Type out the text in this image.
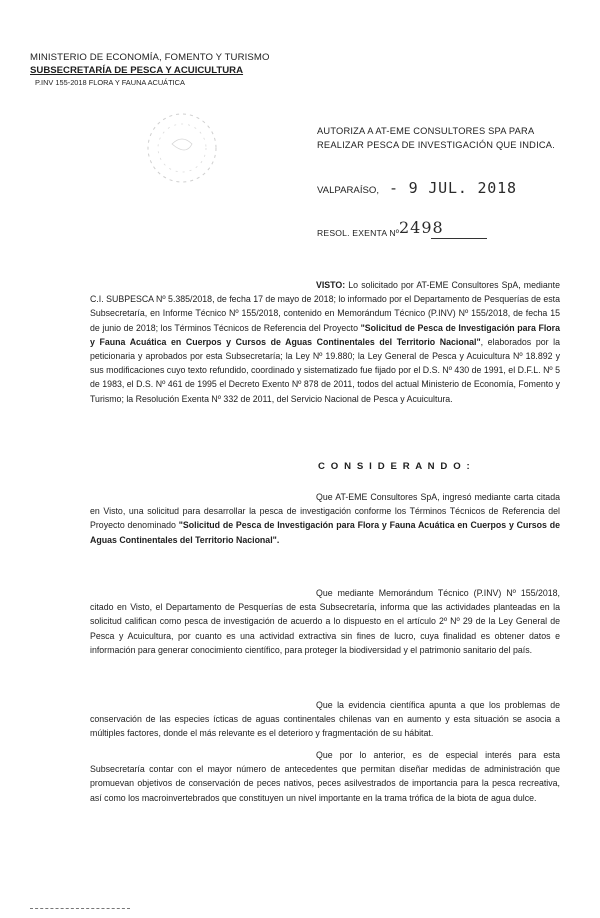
MINISTERIO DE ECONOMÍA, FOMENTO Y TURISMO
SUBSECRETARÍA DE PESCA Y ACUICULTURA
P.INV 155-2018 FLORA Y FAUNA ACUÁTICA
AUTORIZA A AT-EME CONSULTORES SPA PARA
REALIZAR PESCA DE INVESTIGACIÓN QUE INDICA.
VALPARAÍSO, - 9 JUL. 2018
RESOL. EXENTA Nº 2498
VISTO: Lo solicitado por AT-EME Consultores SpA, mediante C.I. SUBPESCA Nº 5.385/2018, de fecha 17 de mayo de 2018; lo informado por el Departamento de Pesquerías de esta Subsecretaría, en Informe Técnico Nº 155/2018, contenido en Memorándum Técnico (P.INV) Nº 155/2018, de fecha 15 de junio de 2018; los Términos Técnicos de Referencia del Proyecto "Solicitud de Pesca de Investigación para Flora y Fauna Acuática en Cuerpos y Cursos de Aguas Continentales del Territorio Nacional", elaborados por la peticionaria y aprobados por esta Subsecretaría; la Ley Nº 19.880; la Ley General de Pesca y Acuicultura Nº 18.892 y sus modificaciones cuyo texto refundido, coordinado y sistematizado fue fijado por el D.S. Nº 430 de 1991, el D.F.L. Nº 5 de 1983, el D.S. Nº 461 de 1995 el Decreto Exento Nº 878 de 2011, todos del actual Ministerio de Economía, Fomento y Turismo; la Resolución Exenta Nº 332 de 2011, del Servicio Nacional de Pesca y Acuicultura.
C O N S I D E R A N D O :
Que AT-EME Consultores SpA, ingresó mediante carta citada en Visto, una solicitud para desarrollar la pesca de investigación conforme los Términos Técnicos de Referencia del Proyecto denominado "Solicitud de Pesca de Investigación para Flora y Fauna Acuática en Cuerpos y Cursos de Aguas Continentales del Territorio Nacional".
Que mediante Memorándum Técnico (P.INV) Nº 155/2018, citado en Visto, el Departamento de Pesquerías de esta Subsecretaría, informa que las actividades planteadas en la solicitud califican como pesca de investigación de acuerdo a lo dispuesto en el artículo 2º Nº 29 de la Ley General de Pesca y Acuicultura, por cuanto es una actividad extractiva sin fines de lucro, cuya finalidad es obtener datos e información para generar conocimiento científico, para proteger la biodiversidad y el patrimonio sanitario del país.
Que la evidencia científica apunta a que los problemas de conservación de las especies ícticas de aguas continentales chilenas van en aumento y esta situación se asocia a múltiples factores, donde el más relevante es el deterioro y fragmentación de su hábitat.
Que por lo anterior, es de especial interés para esta Subsecretaría contar con el mayor número de antecedentes que permitan diseñar medidas de administración que promuevan objetivos de conservación de peces nativos, peces asilvestrados de importancia para la pesca recreativa, así como los macroinvertebrados que constituyen un nivel importante en la trama trófica de la biota de agua dulce.
